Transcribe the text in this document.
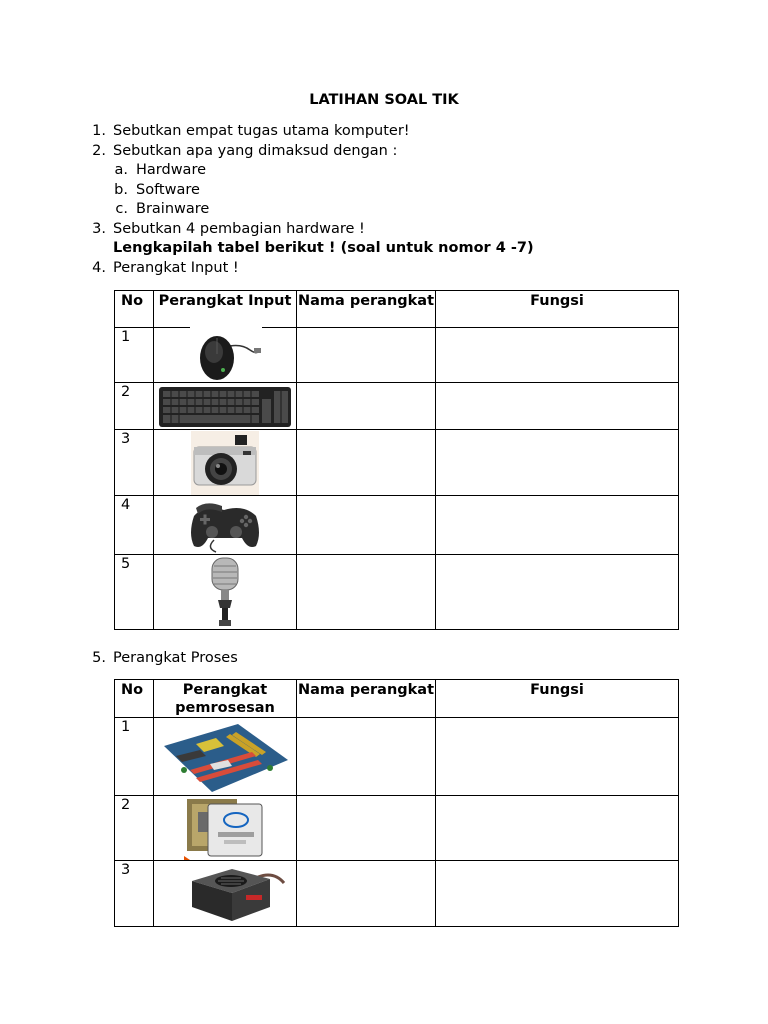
LATIHAN SOAL TIK
1. Sebutkan empat tugas utama komputer!
2. Sebutkan apa yang dimaksud dengan :
a. Hardware
b. Software
c. Brainware
3. Sebutkan 4 pembagian hardware !
Lengkapilah tabel berikut ! (soal untuk nomor 4 -7)
4. Perangkat Input !
No	Perangkat Input	Nama perangkat	Fungsi
1	

2	

3	

4	

5	

5. Perangkat Proses
No	Perangkat pemrosesan	Nama perangkat	Fungsi
1	

2	

3	
